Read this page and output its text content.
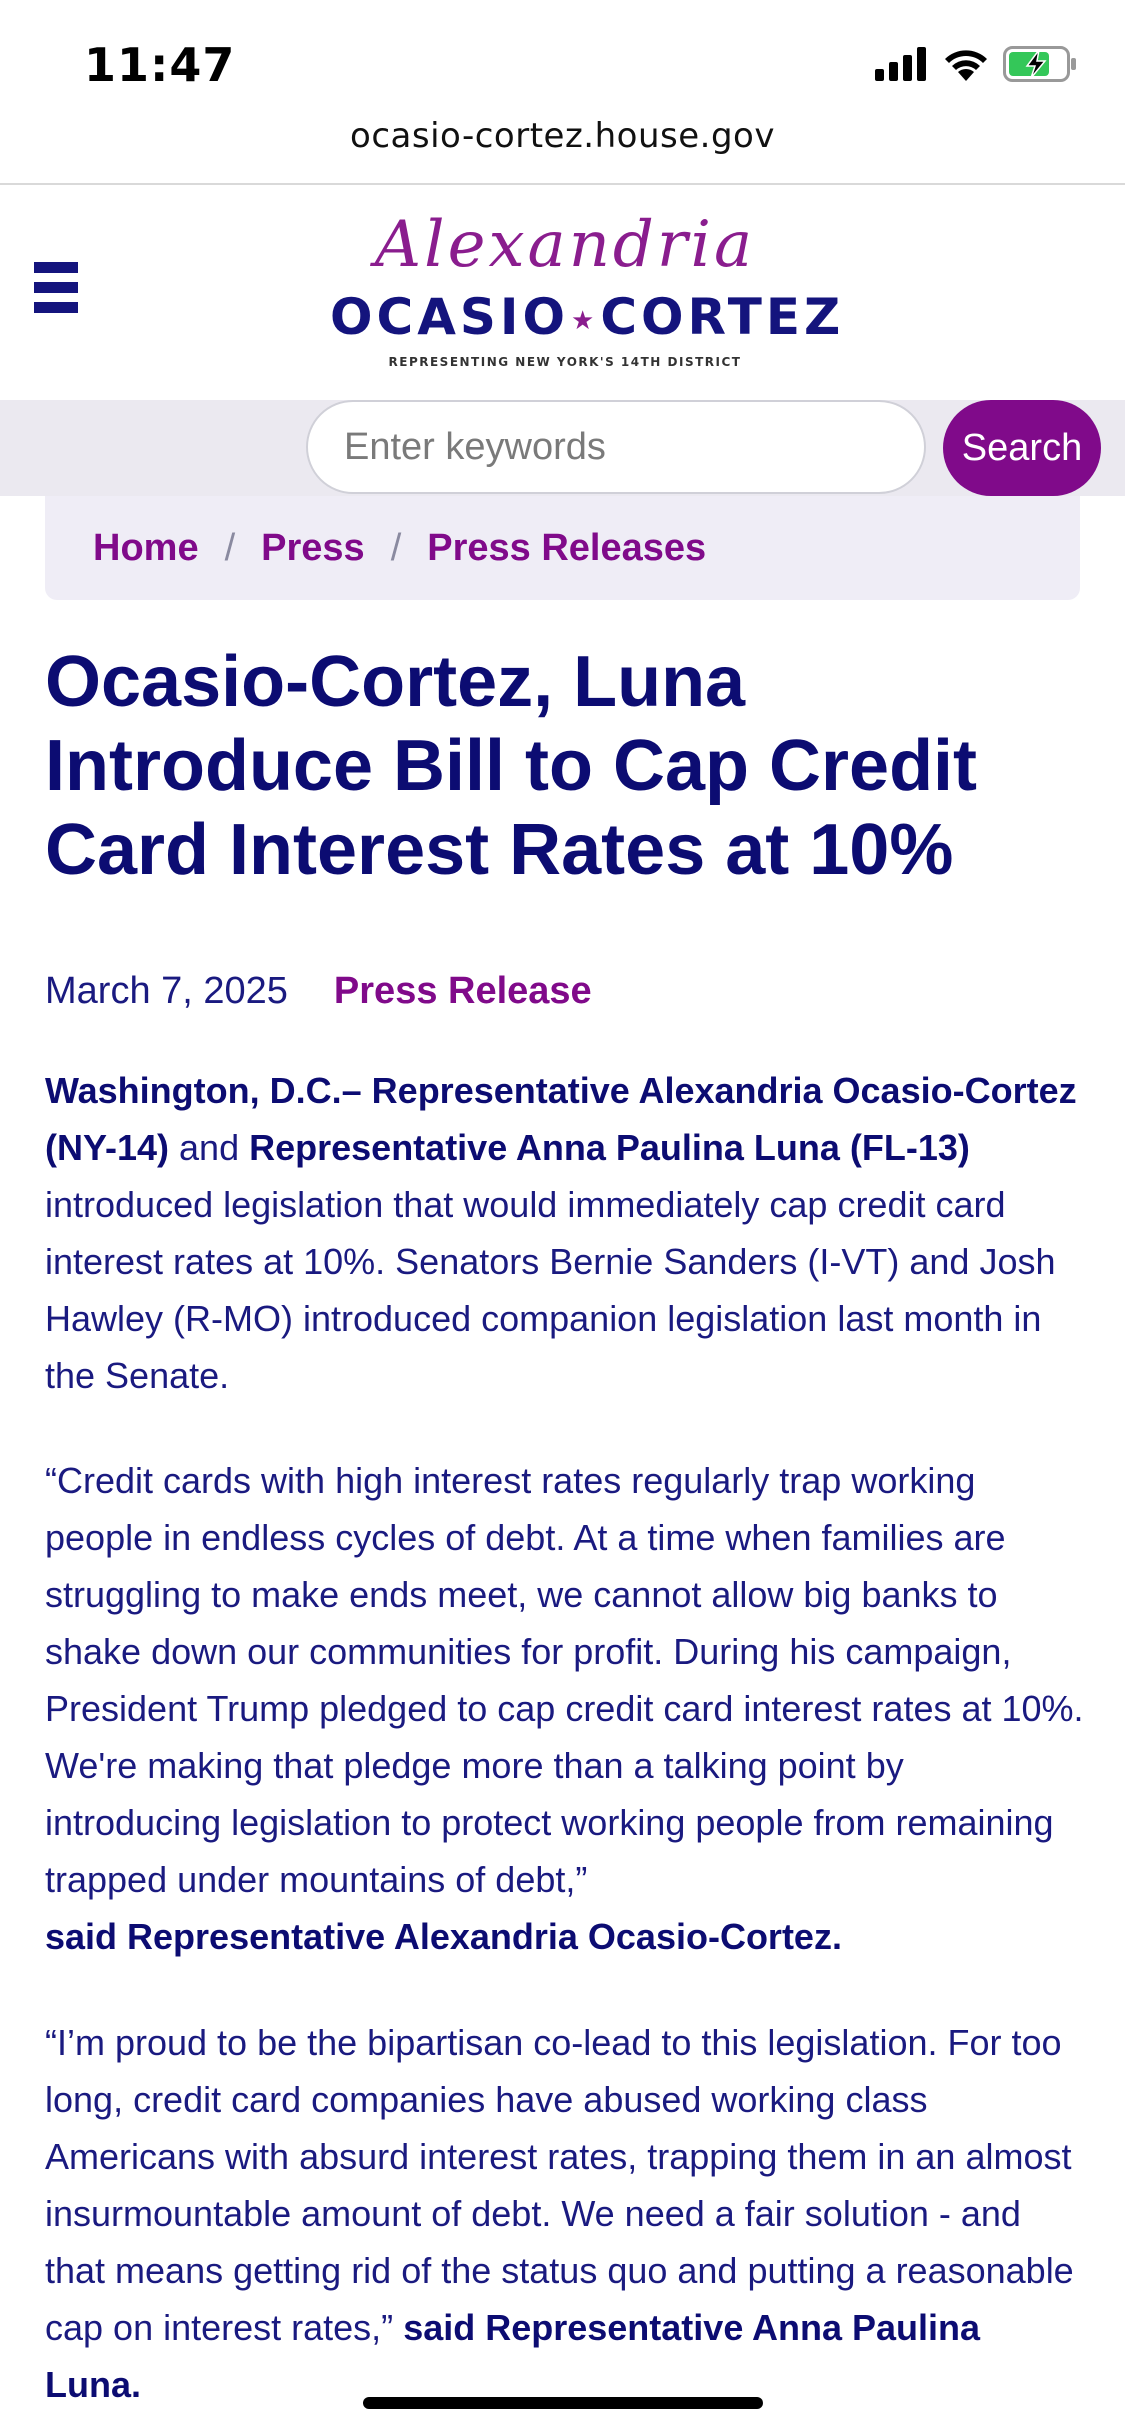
11:47
ocasio-cortez.house.gov
Alexandria
OCASIO★CORTEZ
REPRESENTING NEW YORK'S 14TH DISTRICT
Enter keywords
Search
Home / Press / Press Releases
Ocasio-Cortez, Luna Introduce Bill to Cap Credit Card Interest Rates at 10%
March 7, 2025 Press Release

Washington, D.C.– Representative Alexandria Ocasio-Cortez (NY-14) and Representative Anna Paulina Luna (FL-13) introduced legislation that would immediately cap credit card interest rates at 10%. Senators Bernie Sanders (I-VT) and Josh Hawley (R-MO) introduced companion legislation last month in the Senate.

“Credit cards with high interest rates regularly trap working people in endless cycles of debt. At a time when families are struggling to make ends meet, we cannot allow big banks to shake down our communities for profit. During his campaign, President Trump pledged to cap credit card interest rates at 10%. We're making that pledge more than a talking point by introducing legislation to protect working people from remaining trapped under mountains of debt,”
said Representative Alexandria Ocasio-Cortez.

“I’m proud to be the bipartisan co-lead to this legislation. For too long, credit card companies have abused working class Americans with absurd interest rates, trapping them in an almost insurmountable amount of debt. We need a fair solution - and that means getting rid of the status quo and putting a reasonable cap on interest rates,” said Representative Anna Paulina Luna.
